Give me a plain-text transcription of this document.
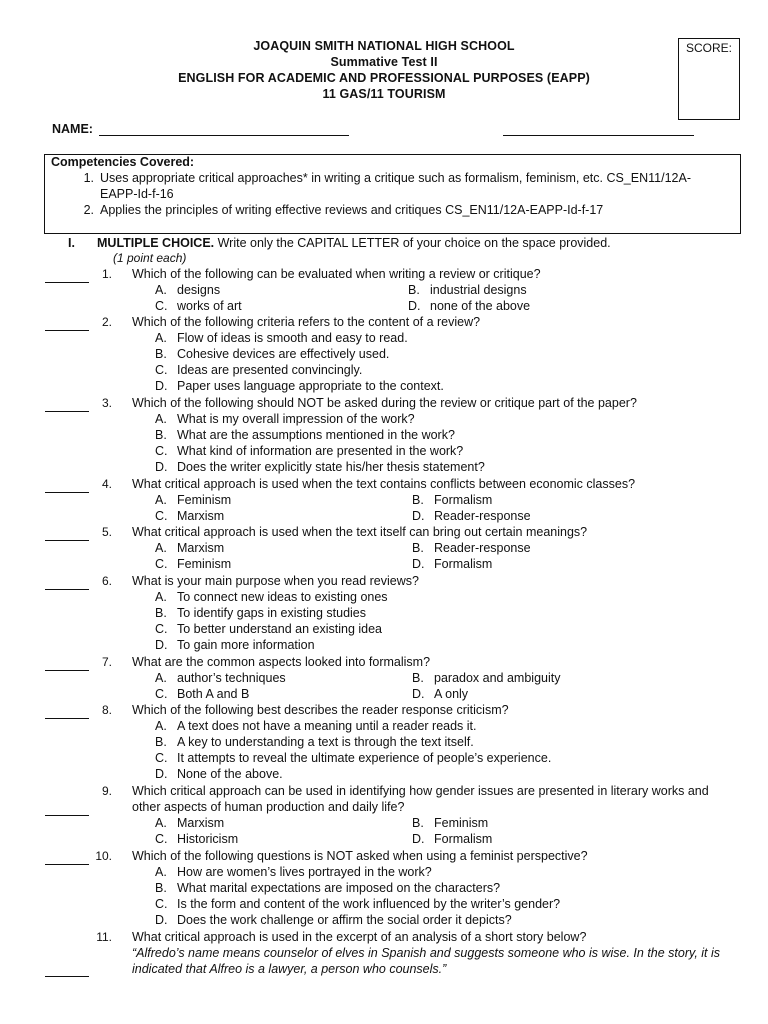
JOAQUIN SMITH NATIONAL HIGH SCHOOL
Summative Test II
ENGLISH FOR ACADEMIC AND PROFESSIONAL PURPOSES (EAPP)
11 GAS/11 TOURISM
SCORE:
NAME:
Competencies Covered:
1. Uses appropriate critical approaches* in writing a critique such as formalism, feminism, etc. CS_EN11/12A-EAPP-Id-f-16
2. Applies the principles of writing effective reviews and critiques CS_EN11/12A-EAPP-Id-f-17
I. MULTIPLE CHOICE. Write only the CAPITAL LETTER of your choice on the space provided.
(1 point each)
1. Which of the following can be evaluated when writing a review or critique?
A. designs	B. industrial designs
C. works of art	D. none of the above
2. Which of the following criteria refers to the content of a review?
A. Flow of ideas is smooth and easy to read.
B. Cohesive devices are effectively used.
C. Ideas are presented convincingly.
D. Paper uses language appropriate to the context.
3. Which of the following should NOT be asked during the review or critique part of the paper?
A. What is my overall impression of the work?
B. What are the assumptions mentioned in the work?
C. What kind of information are presented in the work?
D. Does the writer explicitly state his/her thesis statement?
4. What critical approach is used when the text contains conflicts between economic classes?
A. Feminism	B. Formalism
C. Marxism	D. Reader-response
5. What critical approach is used when the text itself can bring out certain meanings?
A. Marxism	B. Reader-response
C. Feminism	D. Formalism
6. What is your main purpose when you read reviews?
A. To connect new ideas to existing ones
B. To identify gaps in existing studies
C. To better understand an existing idea
D. To gain more information
7. What are the common aspects looked into formalism?
A. author’s techniques	B. paradox and ambiguity
C. Both A and B	D. A only
8. Which of the following best describes the reader response criticism?
A. A text does not have a meaning until a reader reads it.
B. A key to understanding a text is through the text itself.
C. It attempts to reveal the ultimate experience of people’s experience.
D. None of the above.
9. Which critical approach can be used in identifying how gender issues are presented in literary works and other aspects of human production and daily life?
A. Marxism	B. Feminism
C. Historicism	D. Formalism
10. Which of the following questions is NOT asked when using a feminist perspective?
A. How are women’s lives portrayed in the work?
B. What marital expectations are imposed on the characters?
C. Is the form and content of the work influenced by the writer’s gender?
D. Does the work challenge or affirm the social order it depicts?
11. What critical approach is used in the excerpt of an analysis of a short story below?
“Alfredo’s name means counselor of elves in Spanish and suggests someone who is wise. In the story, it is indicated that Alfreo is a lawyer, a person who counsels.”
